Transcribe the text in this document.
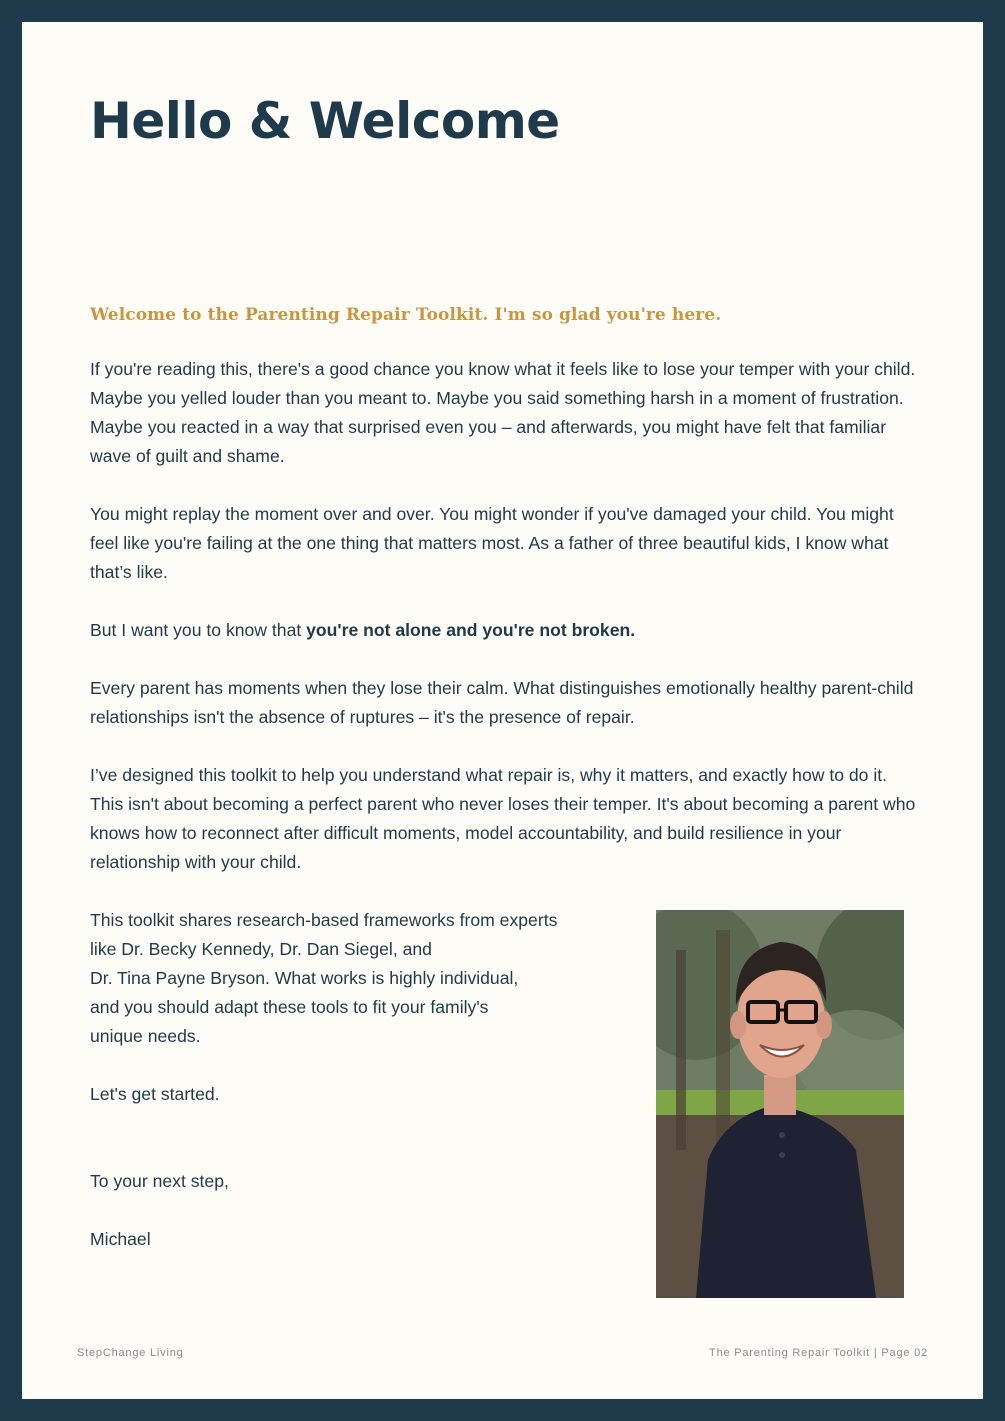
Hello & Welcome

Welcome to the Parenting Repair Toolkit. I'm so glad you're here.

If you're reading this, there's a good chance you know what it feels like to lose your temper with your child. Maybe you yelled louder than you meant to. Maybe you said something harsh in a moment of frustration. Maybe you reacted in a way that surprised even you – and afterwards, you might have felt that familiar wave of guilt and shame.

You might replay the moment over and over. You might wonder if you've damaged your child. You might feel like you're failing at the one thing that matters most. As a father of three beautiful kids, I know what that’s like.

But I want you to know that you're not alone and you're not broken.

Every parent has moments when they lose their calm. What distinguishes emotionally healthy parent-child relationships isn't the absence of ruptures – it's the presence of repair.

I’ve designed this toolkit to help you understand what repair is, why it matters, and exactly how to do it. This isn't about becoming a perfect parent who never loses their temper. It's about becoming a parent who knows how to reconnect after difficult moments, model accountability, and build resilience in your relationship with your child.

This toolkit shares research-based frameworks from experts
like Dr. Becky Kennedy, Dr. Dan Siegel, and
Dr. Tina Payne Bryson. What works is highly individual,
and you should adapt these tools to fit your family's
unique needs.

Let's get started.

To your next step,

Michael

StepChange Living	The Parenting Repair Toolkit | Page 02
